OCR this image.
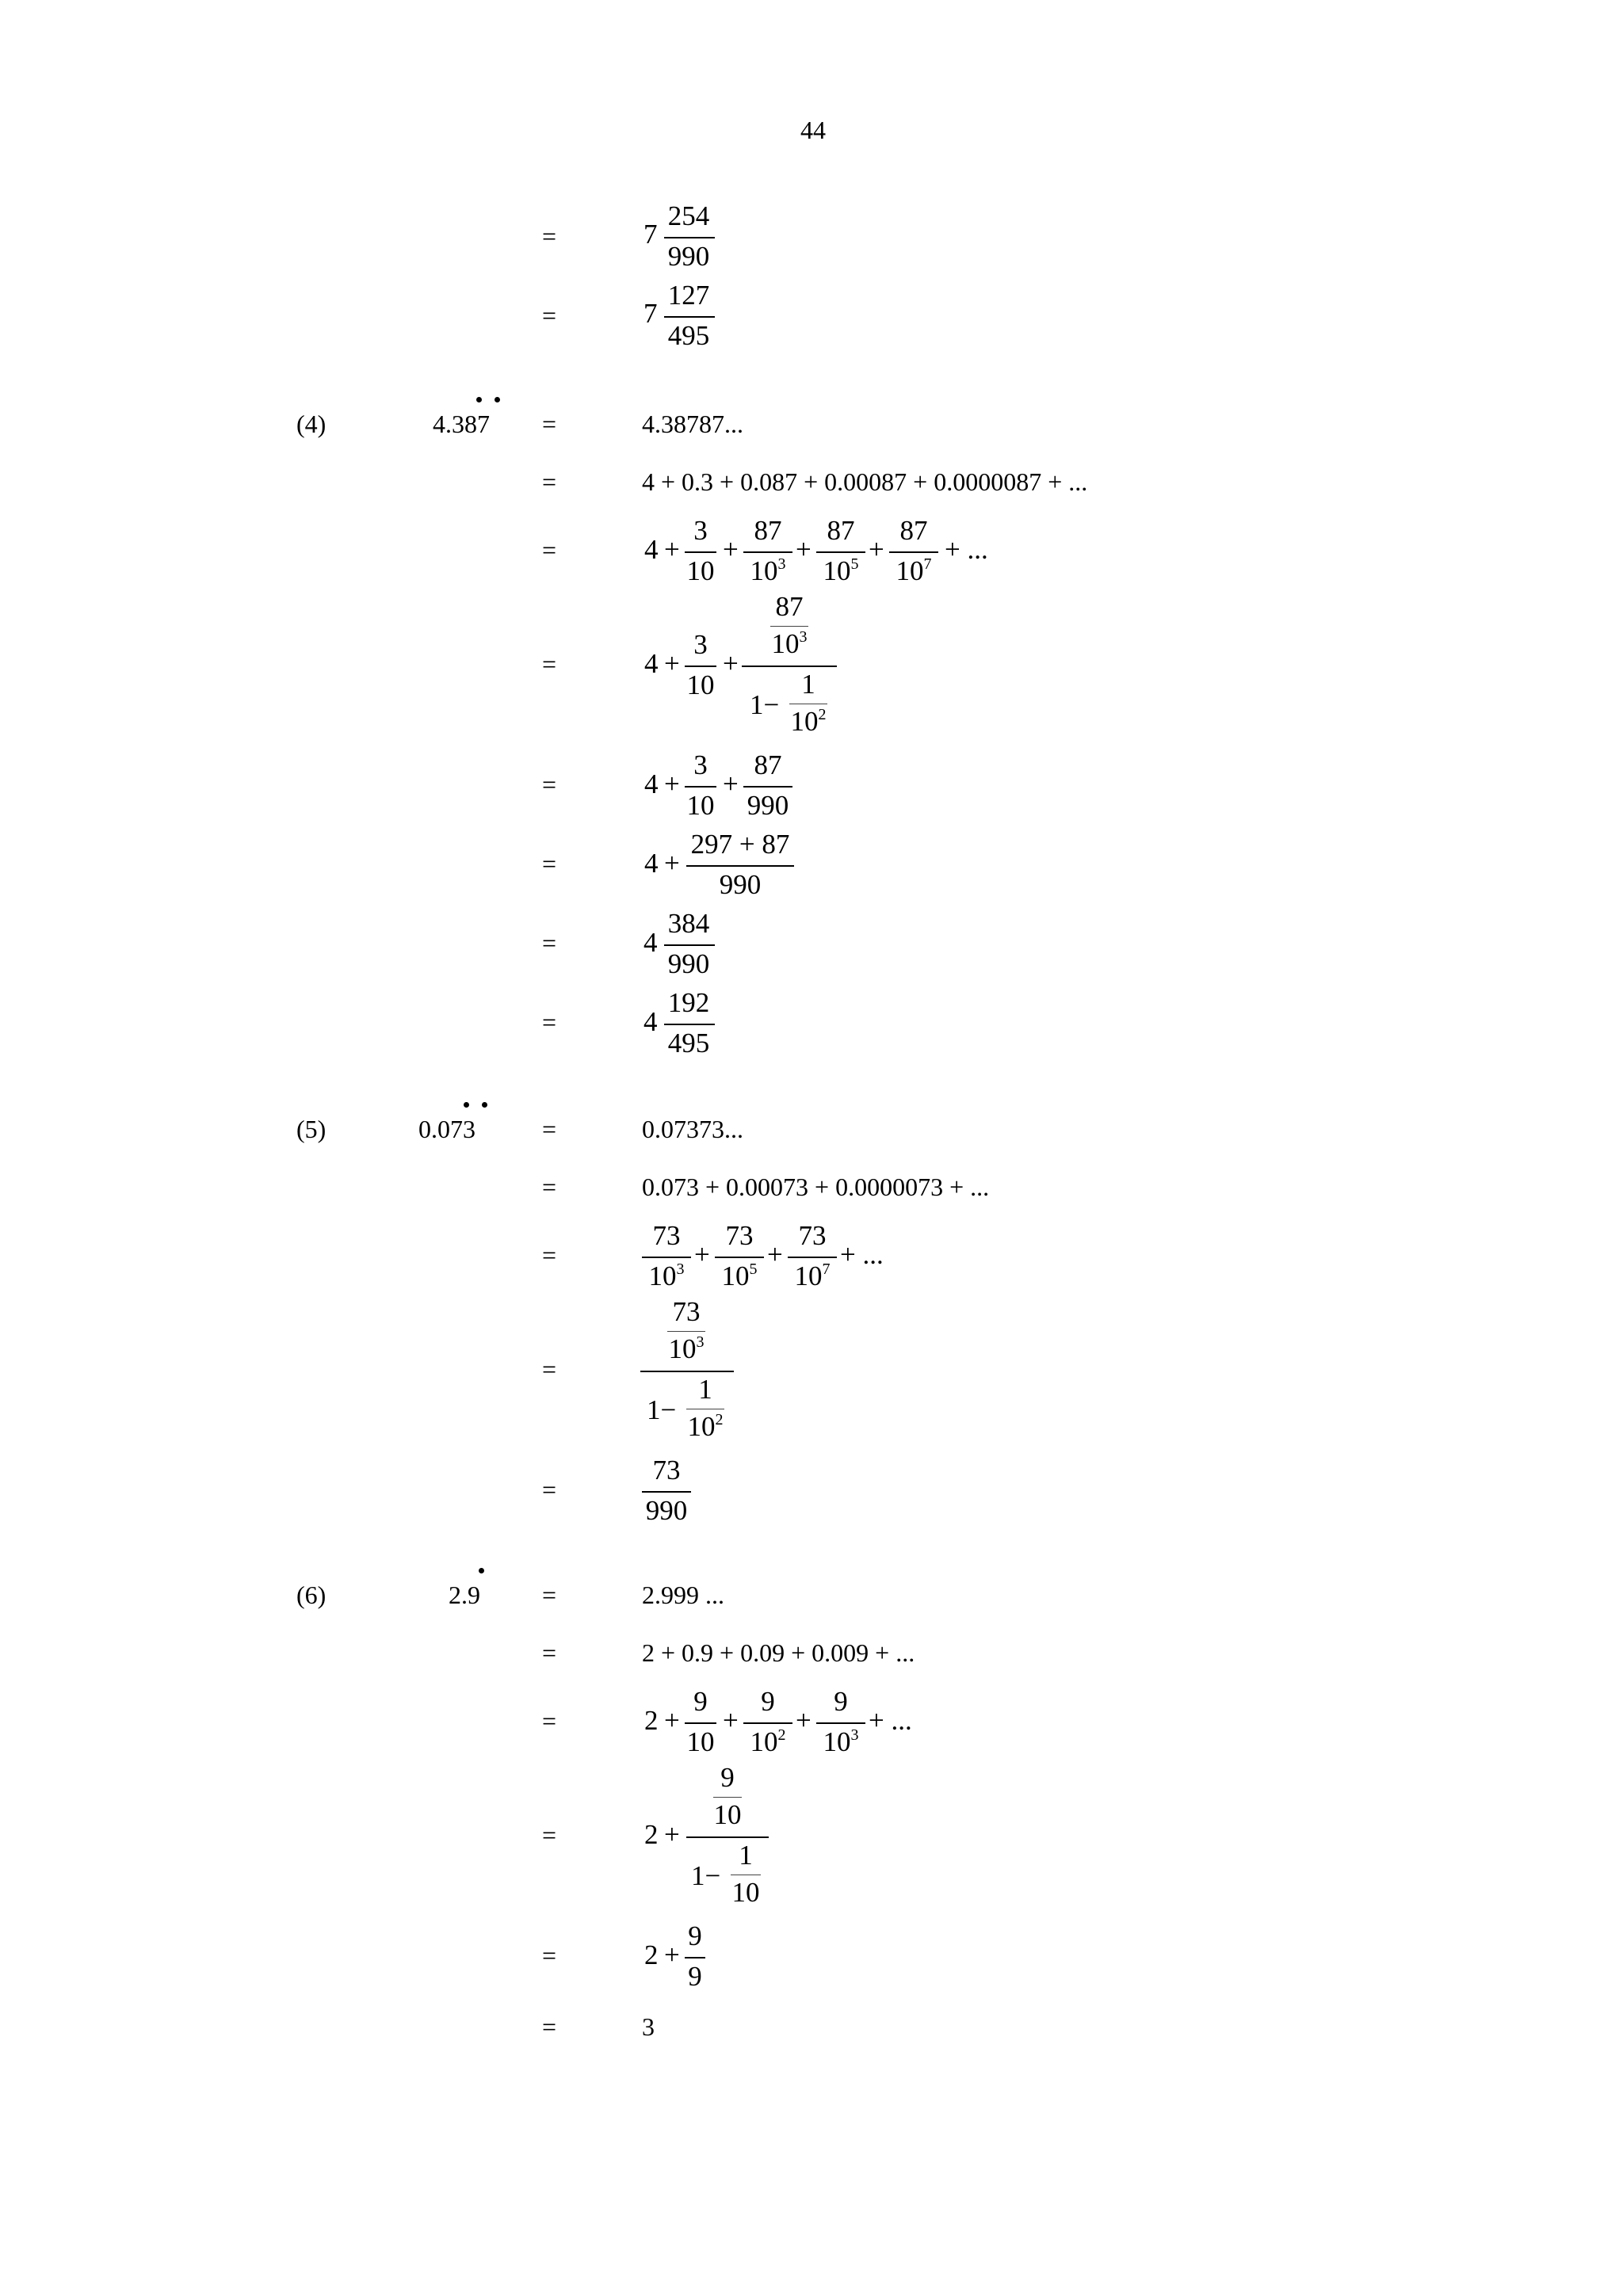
44
=	7
254
990
=	7
127
495
(4)	4.387 =	4.38787...
=	4 + 0.3 + 0.087 + 0.00087 + 0.0000087 + ...
=	4 +
3
10
+
87
$10^3$ +
87
$10^5$ +
87
$10^7$ + ...
=	4 +
3
10
+
87
$10^3$
1−
1
$10^2$
=	4 +
3
10
+
87
990
=	4 +
297 + 87
990
=	4
384
990
=	4
192
495
(5)	0.073	=	0.07373...
=	0.073 + 0.00073 + 0.0000073 + ...
=
73
$10^3$ +
73
$10^5$ +
73
$10^7$ + ...
=
73
$10^3$
1−
1
$10^2$
=
73
990
(6)	2.9 =	2.999 ...
=	2 + 0.9 + 0.09 + 0.009 + ...
=	2 +
9
10
+
9
$10^2$ +
9
$10^3$ + ...
=	2 +
9
10
1−
1
10
=	2 +
9
9
=	3
